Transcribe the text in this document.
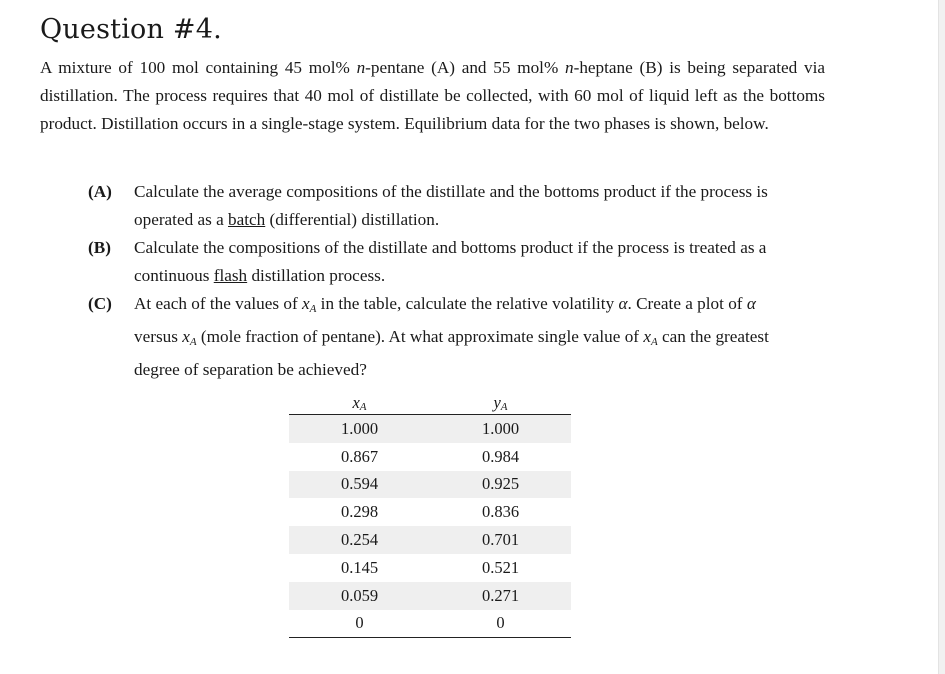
Question #4.

A mixture of 100 mol containing 45 mol% n-pentane (A) and 55 mol% n-heptane (B) is being separated via distillation. The process requires that 40 mol of distillate be collected, with 60 mol of liquid left as the bottoms product. Distillation occurs in a single-stage system. Equilibrium data for the two phases is shown, below.

(A)	Calculate the average compositions of the distillate and the bottoms product if the process is operated as a batch (differential) distillation.
(B)	Calculate the compositions of the distillate and bottoms product if the process is treated as a continuous flash distillation process.
(C)	At each of the values of $x_A$ in the table, calculate the relative volatility α. Create a plot of α versus $x_A$ (mole fraction of pentane). At what approximate single value of $x_A$ can the greatest degree of separation be achieved?
$x_A$	$y_A$
1.000	1.000
0.867	0.984
0.594	0.925
0.298	0.836
0.254	0.701
0.145	0.521
0.059	0.271
0	0
